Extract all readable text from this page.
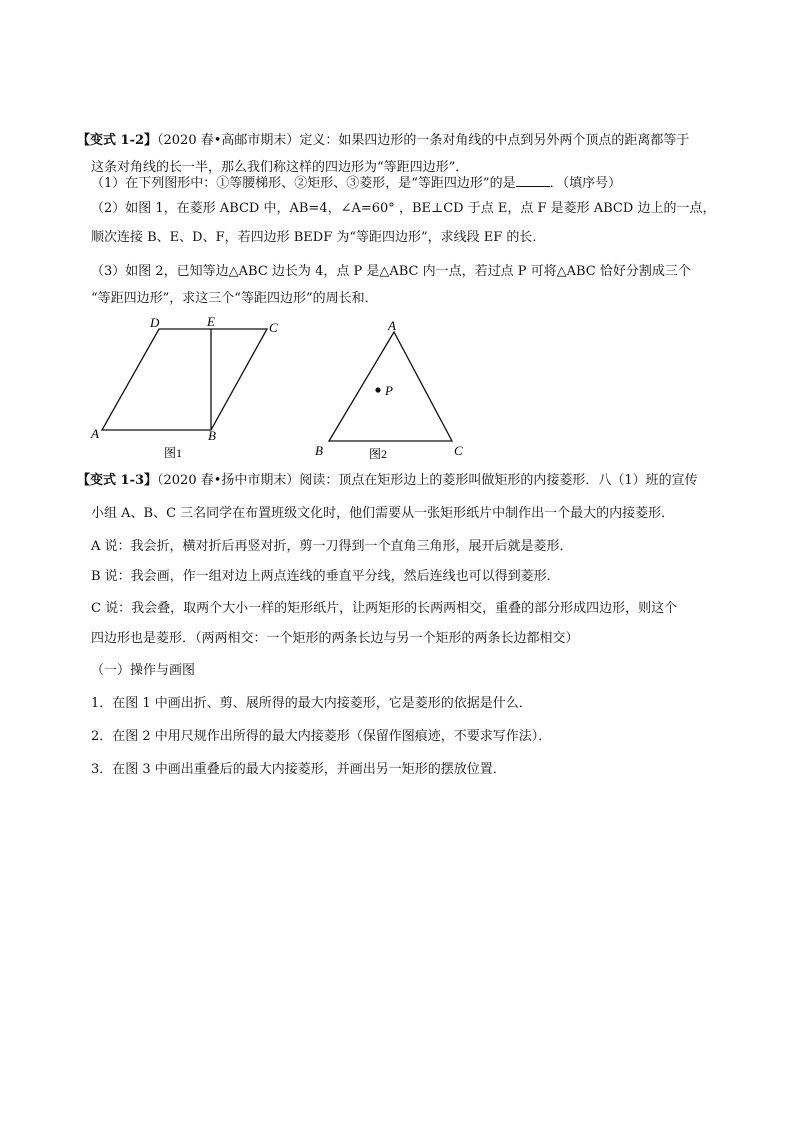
【变式 1-2】（2020 春•高邮市期末）定义：如果四边形的一条对角线的中点到另外两个顶点的距离都等于
这条对角线的长一半，那么我们称这样的四边形为“等距四边形”．
（1）在下列图形中：①等腰梯形、②矩形、③菱形，是“等距四边形”的是	．（填序号）
（2）如图 1，在菱形 ABCD 中，AB=4，∠A=60° ，BE⊥CD 于点 E，点 F 是菱形 ABCD 边上的一点，
顺次连接 B、E、D、F，若四边形 BEDF 为“等距四边形”，求线段 EF 的长．
（3）如图 2，已知等边△ABC 边长为 4，点 P 是△ABC 内一点，若过点 P 可将△ABC 恰好分割成三个
“等距四边形”，求这三个“等距四边形”的周长和．
D	E	C
A	B
图1
A
P
B	C
图2
【变式 1-3】（2020 春•扬中市期末）阅读：顶点在矩形边上的菱形叫做矩形的内接菱形．八（1）班的宣传
小组 A、B、C 三名同学在布置班级文化时，他们需要从一张矩形纸片中制作出一个最大的内接菱形．
A 说：我会折，横对折后再竖对折，剪一刀得到一个直角三角形，展开后就是菱形．
B 说：我会画，作一组对边上两点连线的垂直平分线，然后连线也可以得到菱形．
C 说：我会叠，取两个大小一样的矩形纸片，让两矩形的长两两相交，重叠的部分形成四边形，则这个
四边形也是菱形．（两两相交：一个矩形的两条长边与另一个矩形的两条长边都相交）
（一）操作与画图
1．在图 1 中画出折、剪、展所得的最大内接菱形，它是菱形的依据是什么．
2．在图 2 中用尺规作出所得的最大内接菱形（保留作图痕迹，不要求写作法）．
3．在图 3 中画出重叠后的最大内接菱形，并画出另一矩形的摆放位置．
